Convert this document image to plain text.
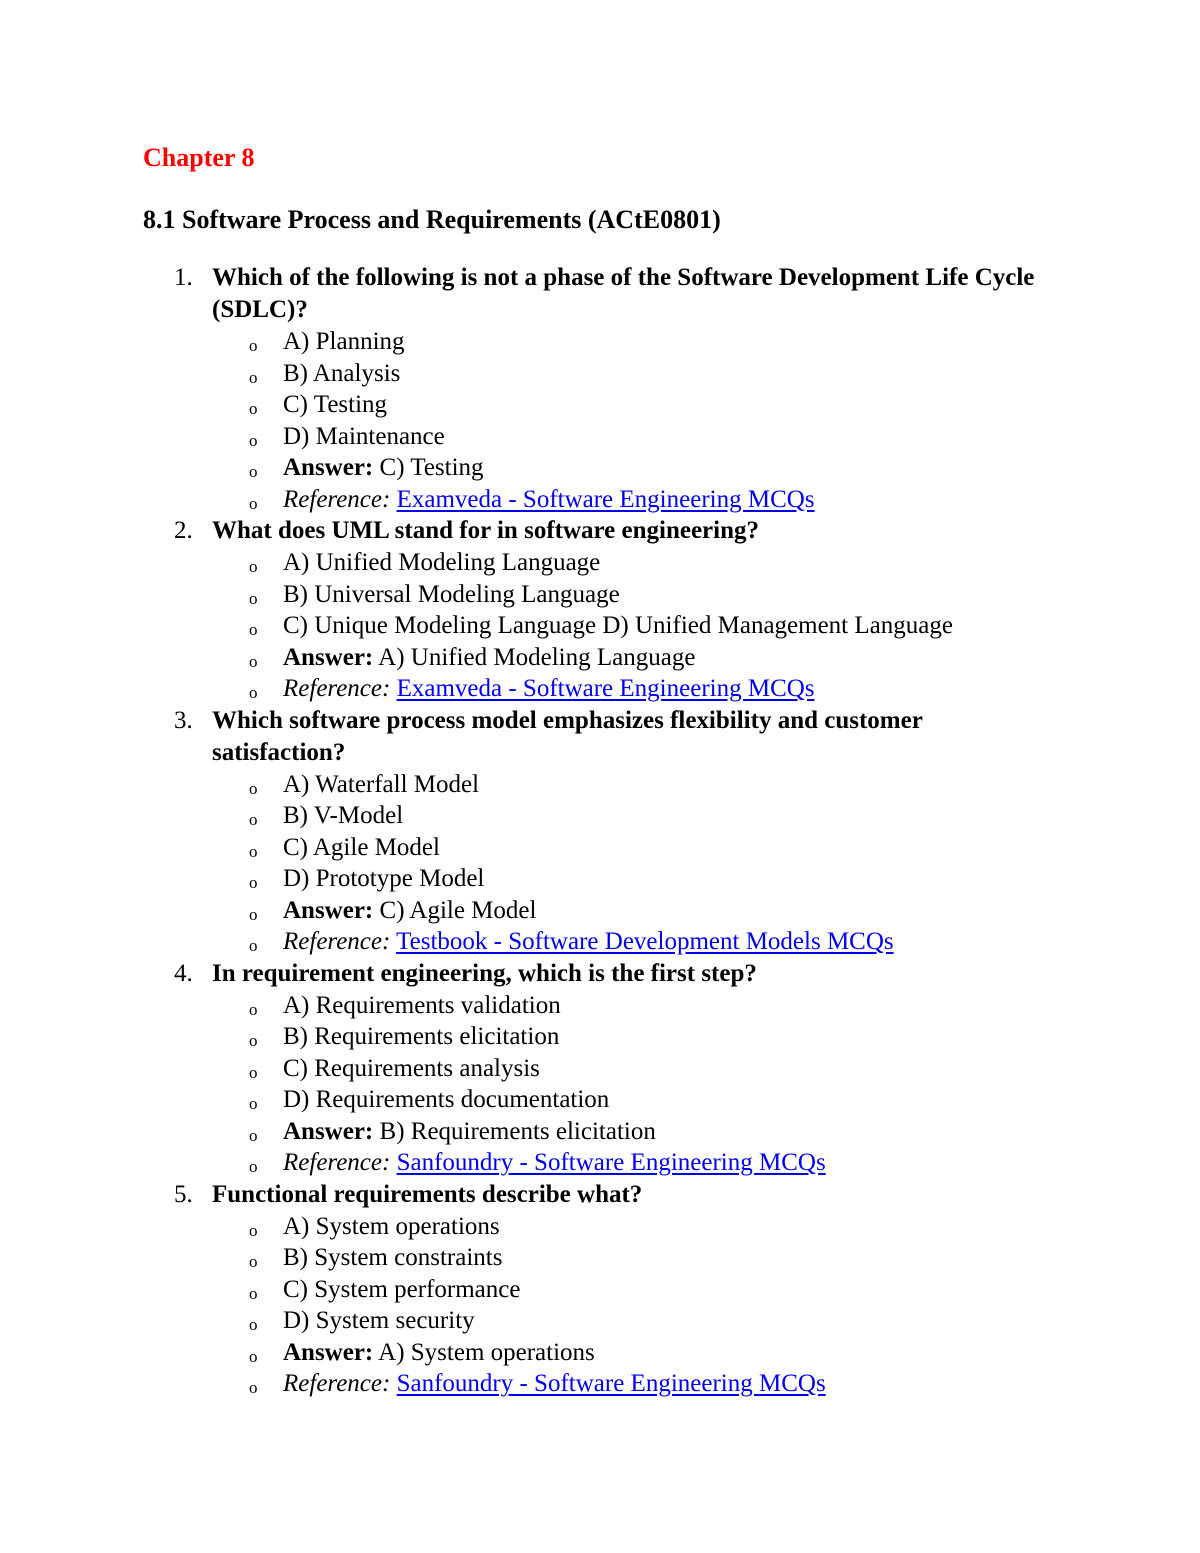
Chapter 8
8.1 Software Process and Requirements (ACtE0801)
1. Which of the following is not a phase of the Software Development Life Cycle (SDLC)?
o A) Planning
o B) Analysis
o C) Testing
o D) Maintenance
o Answer: C) Testing
o Reference: Examveda - Software Engineering MCQs
2. What does UML stand for in software engineering?
o A) Unified Modeling Language
o B) Universal Modeling Language
o C) Unique Modeling Language D) Unified Management Language
o Answer: A) Unified Modeling Language
o Reference: Examveda - Software Engineering MCQs
3. Which software process model emphasizes flexibility and customer satisfaction?
o A) Waterfall Model
o B) V-Model
o C) Agile Model
o D) Prototype Model
o Answer: C) Agile Model
o Reference: Testbook - Software Development Models MCQs
4. In requirement engineering, which is the first step?
o A) Requirements validation
o B) Requirements elicitation
o C) Requirements analysis
o D) Requirements documentation
o Answer: B) Requirements elicitation
o Reference: Sanfoundry - Software Engineering MCQs
5. Functional requirements describe what?
o A) System operations
o B) System constraints
o C) System performance
o D) System security
o Answer: A) System operations
o Reference: Sanfoundry - Software Engineering MCQs
